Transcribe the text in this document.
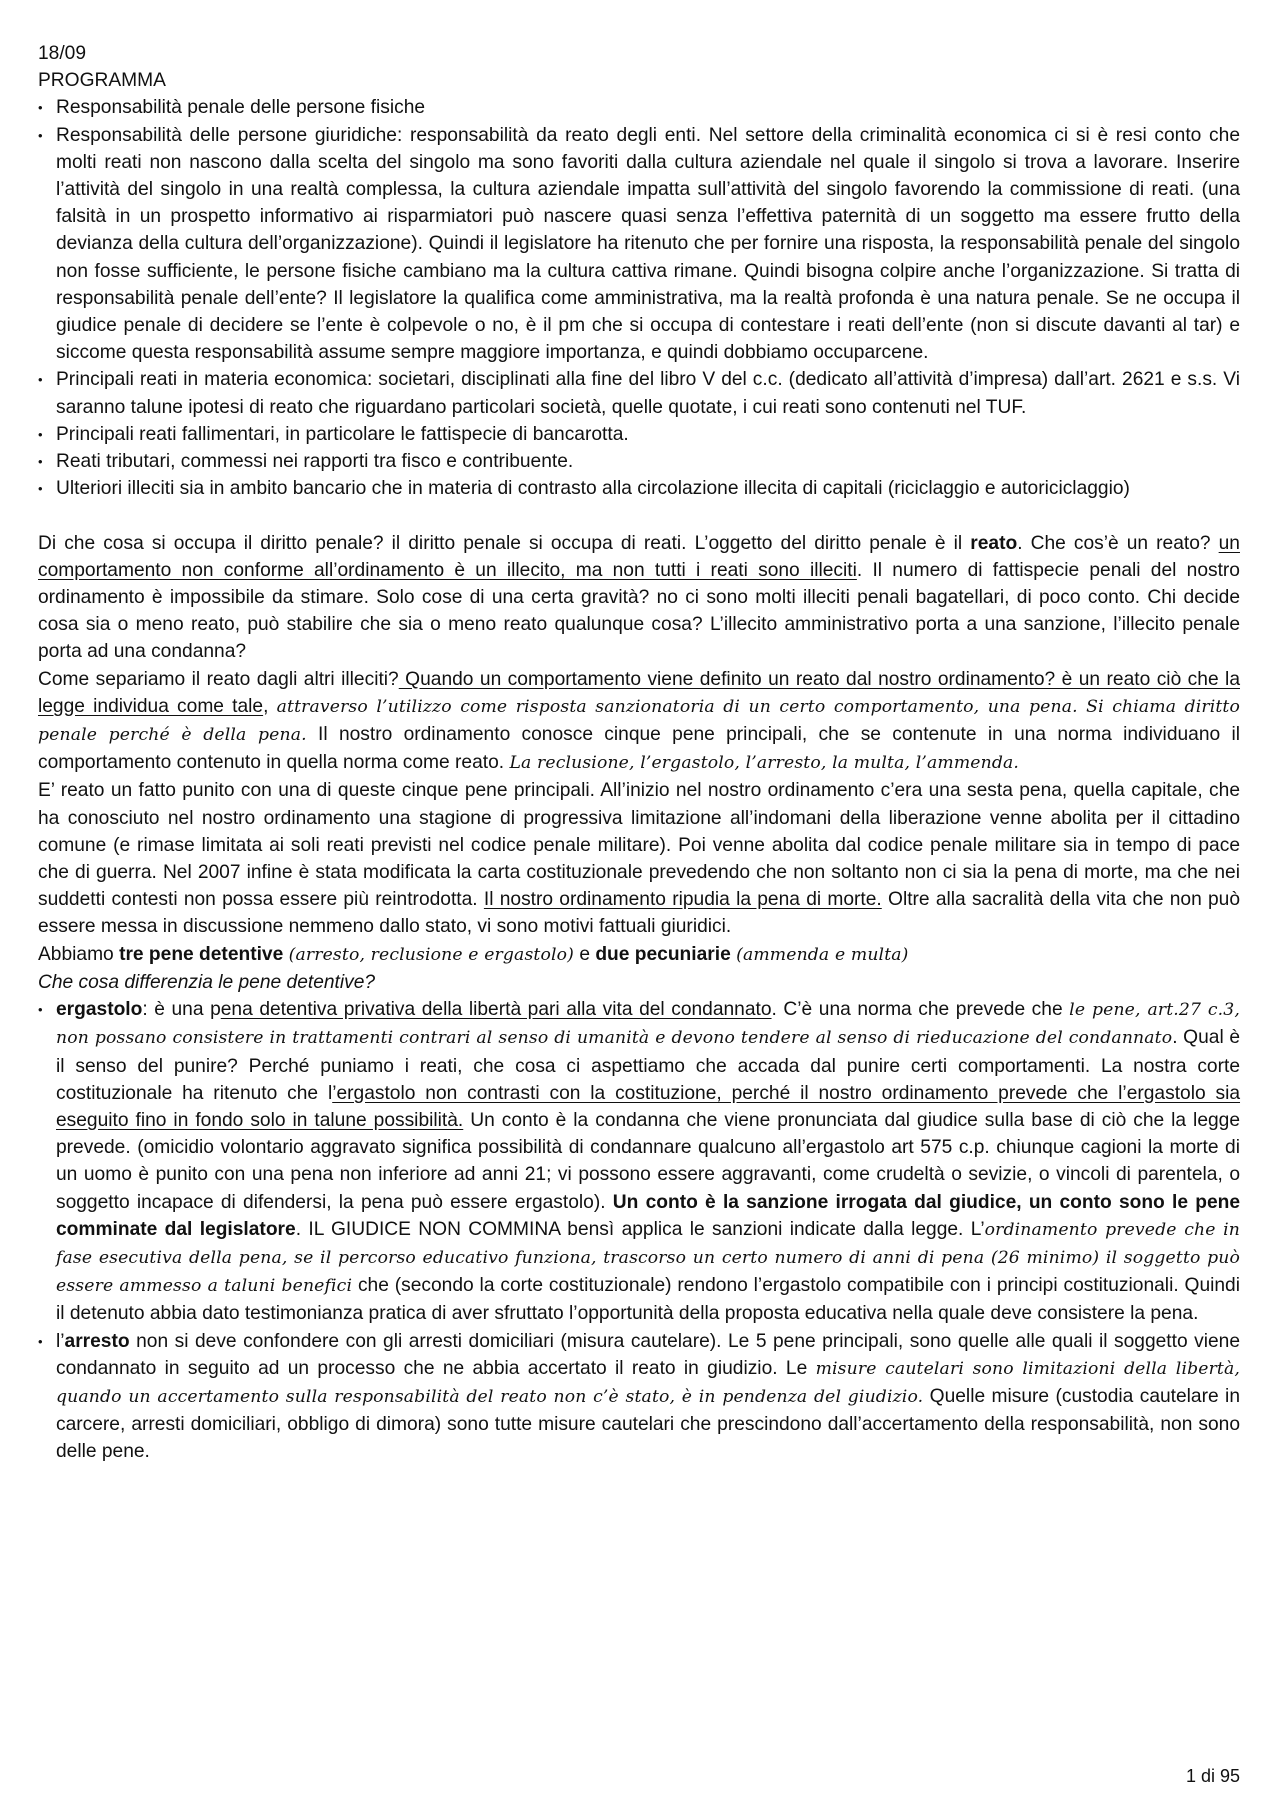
18/09

PROGRAMMA

• Responsabilità penale delle persone fisiche
• Responsabilità delle persone giuridiche: responsabilità da reato degli enti. Nel settore della criminalità economica ci si è resi conto che molti reati non nascono dalla scelta del singolo ma sono favoriti dalla cultura aziendale nel quale il singolo si trova a lavorare. Inserire l’attività del singolo in una realtà complessa, la cultura aziendale impatta sull’attività del singolo favorendo la commissione di reati. (una falsità in un prospetto informativo ai risparmiatori può nascere quasi senza l’effettiva paternità di un soggetto ma essere frutto della devianza della cultura dell’organizzazione). Quindi il legislatore ha ritenuto che per fornire una risposta, la responsabilità penale del singolo non fosse sufficiente, le persone fisiche cambiano ma la cultura cattiva rimane. Quindi bisogna colpire anche l’organizzazione. Si tratta di responsabilità penale dell’ente? Il legislatore la qualifica come amministrativa, ma la realtà profonda è una natura penale. Se ne occupa il giudice penale di decidere se l’ente è colpevole o no, è il pm che si occupa di contestare i reati dell’ente (non si discute davanti al tar) e siccome questa responsabilità assume sempre maggiore importanza, e quindi dobbiamo occuparcene.
• Principali reati in materia economica: societari, disciplinati alla fine del libro V del c.c. (dedicato all’attività d’impresa) dall’art. 2621 e s.s. Vi saranno talune ipotesi di reato che riguardano particolari società, quelle quotate, i cui reati sono contenuti nel TUF.
• Principali reati fallimentari, in particolare le fattispecie di bancarotta.
• Reati tributari, commessi nei rapporti tra fisco e contribuente.
• Ulteriori illeciti sia in ambito bancario che in materia di contrasto alla circolazione illecita di capitali (riciclaggio e autoriciclaggio)

Di che cosa si occupa il diritto penale? il diritto penale si occupa di reati. L’oggetto del diritto penale è il reato. Che cos’è un reato? un comportamento non conforme all’ordinamento è un illecito, ma non tutti i reati sono illeciti. Il numero di fattispecie penali del nostro ordinamento è impossibile da stimare. Solo cose di una certa gravità? no ci sono molti illeciti penali bagatellari, di poco conto. Chi decide cosa sia o meno reato, può stabilire che sia o meno reato qualunque cosa? L’illecito amministrativo porta a una sanzione, l’illecito penale porta ad una condanna?

Come separiamo il reato dagli altri illeciti? Quando un comportamento viene definito un reato dal nostro ordinamento? è un reato ciò che la legge individua come tale, attraverso l’utilizzo come risposta sanzionatoria di un certo comportamento, una pena. Si chiama diritto penale perché è della pena. Il nostro ordinamento conosce cinque pene principali, che se contenute in una norma individuano il comportamento contenuto in quella norma come reato. La reclusione, l’ergastolo, l’arresto, la multa, l’ammenda.

E’ reato un fatto punito con una di queste cinque pene principali. All’inizio nel nostro ordinamento c’era una sesta pena, quella capitale, che ha conosciuto nel nostro ordinamento una stagione di progressiva limitazione all’indomani della liberazione venne abolita per il cittadino comune (e rimase limitata ai soli reati previsti nel codice penale militare). Poi venne abolita dal codice penale militare sia in tempo di pace che di guerra. Nel 2007 infine è stata modificata la carta costituzionale prevedendo che non soltanto non ci sia la pena di morte, ma che nei suddetti contesti non possa essere più reintrodotta. Il nostro ordinamento ripudia la pena di morte. Oltre alla sacralità della vita che non può essere messa in discussione nemmeno dallo stato, vi sono motivi fattuali giuridici.

Abbiamo tre pene detentive (arresto, reclusione e ergastolo) e due pecuniarie (ammenda e multa)

Che cosa differenzia le pene detentive?

• ergastolo: è una pena detentiva privativa della libertà pari alla vita del condannato. C’è una norma che prevede che le pene, art.27 c.3, non possano consistere in trattamenti contrari al senso di umanità e devono tendere al senso di rieducazione del condannato. Qual è il senso del punire? Perché puniamo i reati, che cosa ci aspettiamo che accada dal punire certi comportamenti. La nostra corte costituzionale ha ritenuto che l’ergastolo non contrasti con la costituzione, perché il nostro ordinamento prevede che l’ergastolo sia eseguito fino in fondo solo in talune possibilità. Un conto è la condanna che viene pronunciata dal giudice sulla base di ciò che la legge prevede. (omicidio volontario aggravato significa possibilità di condannare qualcuno all’ergastolo art 575 c.p. chiunque cagioni la morte di un uomo è punito con una pena non inferiore ad anni 21; vi possono essere aggravanti, come crudeltà o sevizie, o vincoli di parentela, o soggetto incapace di difendersi, la pena può essere ergastolo). Un conto è la sanzione irrogata dal giudice, un conto sono le pene comminate dal legislatore. IL GIUDICE NON COMMINA bensì applica le sanzioni indicate dalla legge. L’ordinamento prevede che in fase esecutiva della pena, se il percorso educativo funziona, trascorso un certo numero di anni di pena (26 minimo) il soggetto può essere ammesso a taluni benefici che (secondo la corte costituzionale) rendono l’ergastolo compatibile con i principi costituzionali. Quindi il detenuto abbia dato testimonianza pratica di aver sfruttato l’opportunità della proposta educativa nella quale deve consistere la pena.
• l’arresto non si deve confondere con gli arresti domiciliari (misura cautelare). Le 5 pene principali, sono quelle alle quali il soggetto viene condannato in seguito ad un processo che ne abbia accertato il reato in giudizio. Le misure cautelari sono limitazioni della libertà, quando un accertamento sulla responsabilità del reato non c’è stato, è in pendenza del giudizio. Quelle misure (custodia cautelare in carcere, arresti domiciliari, obbligo di dimora) sono tutte misure cautelari che prescindono dall’accertamento della responsabilità, non sono delle pene.
1 di 95
